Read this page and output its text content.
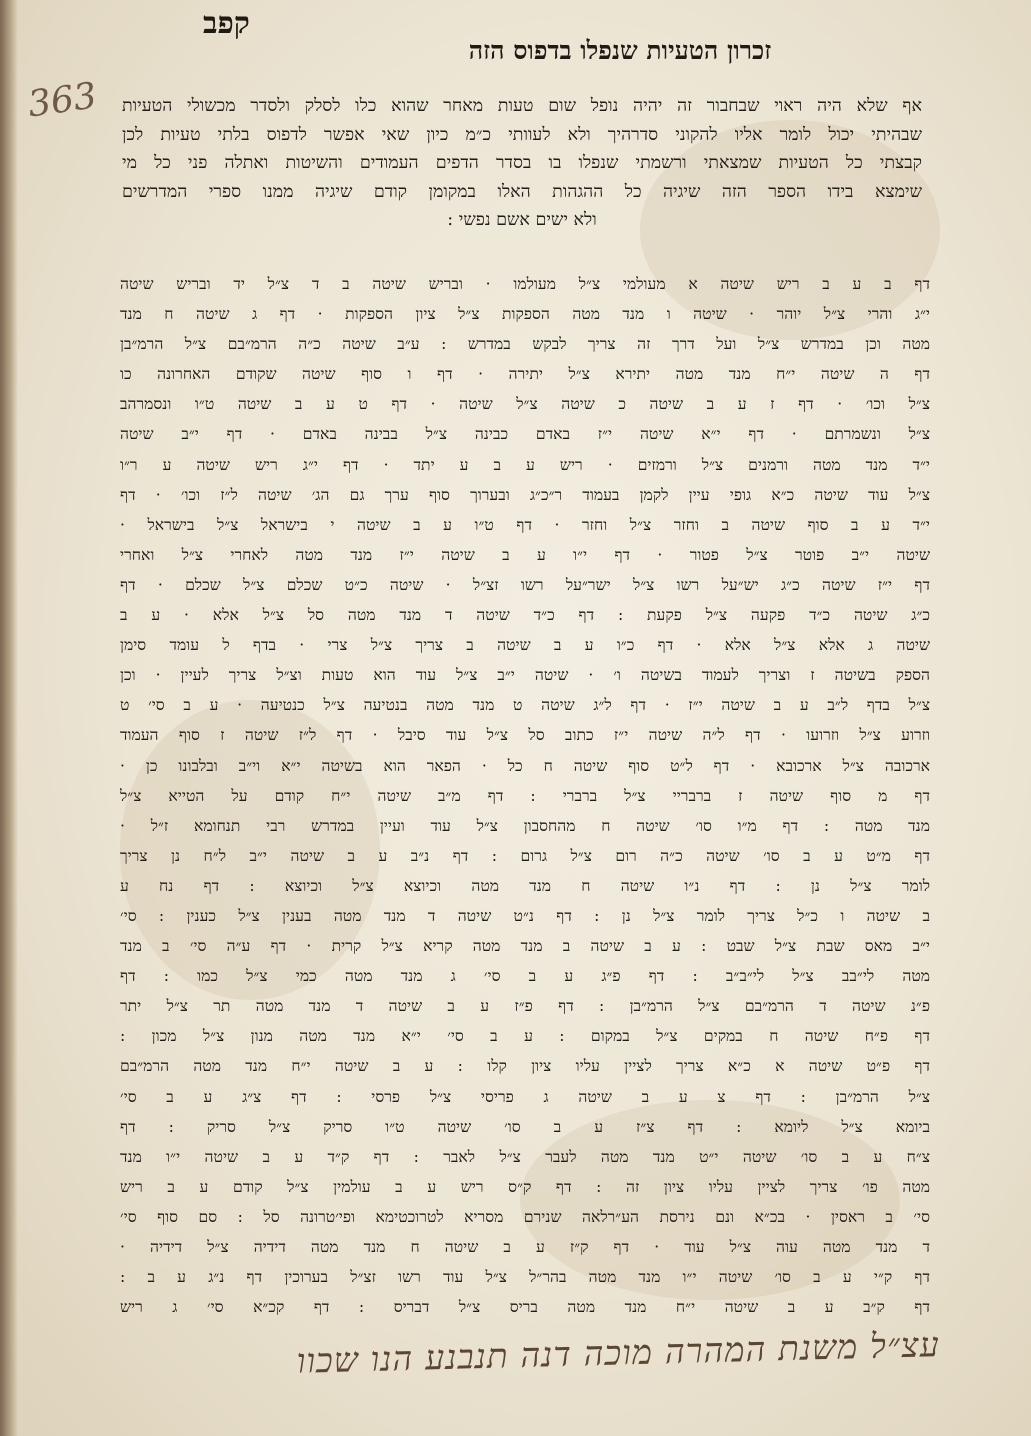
קפב
363
זכרון הטעיות שנפלו בדפוס הזה
אף שלא היה ראוי שבחבור זה יהיה נופל שום טעות מאחר שהוא כלו לסלק ולסדר מכשולי הטעיות
שבהיתי יכול לומר אליו להקוני סדרהיך ולא לעוותי כ״מ כיון שאי אפשר לדפוס בלתי טעיות לכן
קבצתי כל הטעיות שמצאתי ורשמתי שנפלו בו בסדר הדפים העמודים והשיטות ואתלה פני כל מי
שימצא בידו הספר הזה שיגיה כל ההגהות האלו במקומן קודם שיגיה ממנו ספרי המדרשים
ולא ישים אשם נפשי :
דף ב ע ב ריש שיטה א מעולמי צ״ל מעולמו · ובריש שיטה ב ד צ״ל יד ובריש שיטה
י״ג והרי צ״ל יוהר · שיטה ו מנד מטה הספקות צ״ל ציון הספקות · דף ג שיטה ח מנד
מטה וכן במדרש צ״ל ועל דרך זה צריך לבקש במדרש : ע״ב שיטה כ״ה הרמ״בם צ״ל הרמ״בן
דף ה שיטה י״ח מנד מטה יתירא צ״ל יתירה · דף ו סוף שיטה שקודם האחרונה כו
צ״ל וכו׳ · דף ז ע ב שיטה כ שיטה צ״ל שיטה · דף ט ע ב שיטה ט״ו ונסמרהב
צ״ל ונשמרתם · דף י״א שיטה י״ז באדם כבינה צ״ל בבינה באדם · דף י״ב שיטה
י״ד מנד מטה ורמנים צ״ל ורמזים · ריש ע ב ע יתד · דף י״ג ריש שיטה ע ר״ו
צ״ל עוד שיטה כ״א גופי עיין לקמן בעמוד ר״כ״ג ובערוך סוף ערך גם הג׳ שיטה ל״ז וכו׳ · דף
י״ד ע ב סוף שיטה ב וחזר צ״ל וחזר · דף ט״ו ע ב שיטה י בישראל צ״ל בישראל ·
שיטה י״ב פוטר צ״ל פטור · דף י״ו ע ב שיטה י״ז מנד מטה לאחרי צ״ל ואחרי
דף י״ז שיטה כ״ג יש״על רשו צ״ל ישר״על רשו זצ״ל · שיטה כ״ט שכלם צ״ל שכלם · דף
כ״ג שיטה כ״ד פקעה צ״ל פקעת : דף כ״ד שיטה ד מנד מטה סל צ״ל אלא · ע ב
שיטה ג אלא צ״ל אלא · דף כ״ו ע ב שיטה ב צריך צ״ל צרי · בדף ל עומד סימן
הספק בשיטה ז וצריך לעמוד בשיטה ו׳ · שיטה י״ב צ״ל עוד הוא טעות וצ״ל צריך לעיין · וכן
צ״ל בדף ל״ב ע ב שיטה י״ז · דף ל״ג שיטה ט מנד מטה בנטיעה צ״ל כנטיעה · ע ב סי׳ ט
וזרוע צ״ל וזרועו · דף ל״ה שיטה י״ז כתוב סל צ״ל עוד סיבל · דף ל״ז שיטה ז סוף העמוד
ארכובה צ״ל ארכובא · דף ל״ט סוף שיטה ח כל · הפאר הוא בשיטה י״א וי״ב ובלבונו כן ·
דף מ סוף שיטה ז ברבריי צ״ל ברברי : דף מ״ב שיטה י״ח קודם על הטייא צ״ל
מנד מטה : דף מ״ו סו׳ שיטה ח מהחסבון צ״ל עוד ועיין במדרש רבי תנחומא ז״ל ·
דף מ״ט ע ב סו׳ שיטה כ״ה רום צ״ל גרום : דף נ״ב ע ב שיטה י״ב ל״ח נן צריך
לומר צ״ל נן : דף נ״ו שיטה ח מנד מטה וכיוצא צ״ל וכיוצא : דף נח ע
ב שיטה ו כ״ל צריך לומר צ״ל נן : דף נ״ט שיטה ד מנד מטה בענין צ״ל כענין : סי׳
י״ב מאס שבת צ״ל שבט : ע ב שיטה ב מנד מטה קריא צ״ל קרית · דף ע״ה סי׳ ב מנד
מטה לי״בב צ״ל לי״ב״ב : דף פ״ג ע ב סי׳ ג מנד מטה כמי צ״ל כמו : דף
פ״נ שיטה ד הרמ״בם צ״ל הרמ״בן : דף פ״ז ע ב שיטה ד מנד מטה תר צ״ל יתר
דף פ״ח שיטה ח במקים צ״ל במקום : ע ב סי׳ י״א מנד מטה מנון צ״ל מכון :
דף פ״ט שיטה א כ״א צריך לציין עליו ציון קלו : ע ב שיטה י״ח מנד מטה הרמ״בם
צ״ל הרמ״בן : דף צ ע ב שיטה ג פריסי צ״ל פרסי : דף צ״ג ע ב סי׳
ביומא צ״ל ליומא : דף צ״ז ע ב סו׳ שיטה ט״ו סריק צ״ל סריק : דף
צ״ח ע ב סו׳ שיטה י״ט מנד מטה לעבר צ״ל לאבר : דף ק״ד ע ב שיטה י״ו מנד
מטה פו׳ צריך לציין עליו ציון זה : דף ק״ס ריש ע ב עולמין צ״ל קודם ע ב ריש
סי׳ ב ראסין · בכ״א ונם נירסת הע״רלאה שנירם מסריא לטרוכטימא ופי׳טרונה סל : סם סוף סי׳
ד מנד מטה עוה צ״ל עוד · דף ק״ז ע ב שיטה ח מנד מטה דידיה צ״ל דידיה ·
דף ק״י ע ב סו׳ שיטה י״ו מנד מטה בהר״ל צ״ל עוד רשו זצ״ל בערוכין דף נ״ג ע ב :
דף ק״ב ע ב שיטה י״ח מנד מטה בריס צ״ל דבריס : דף קכ״א סי׳ ג ריש
עצ״ל משנת המהרה מוכה דנה תנבנע הנו שכוו
